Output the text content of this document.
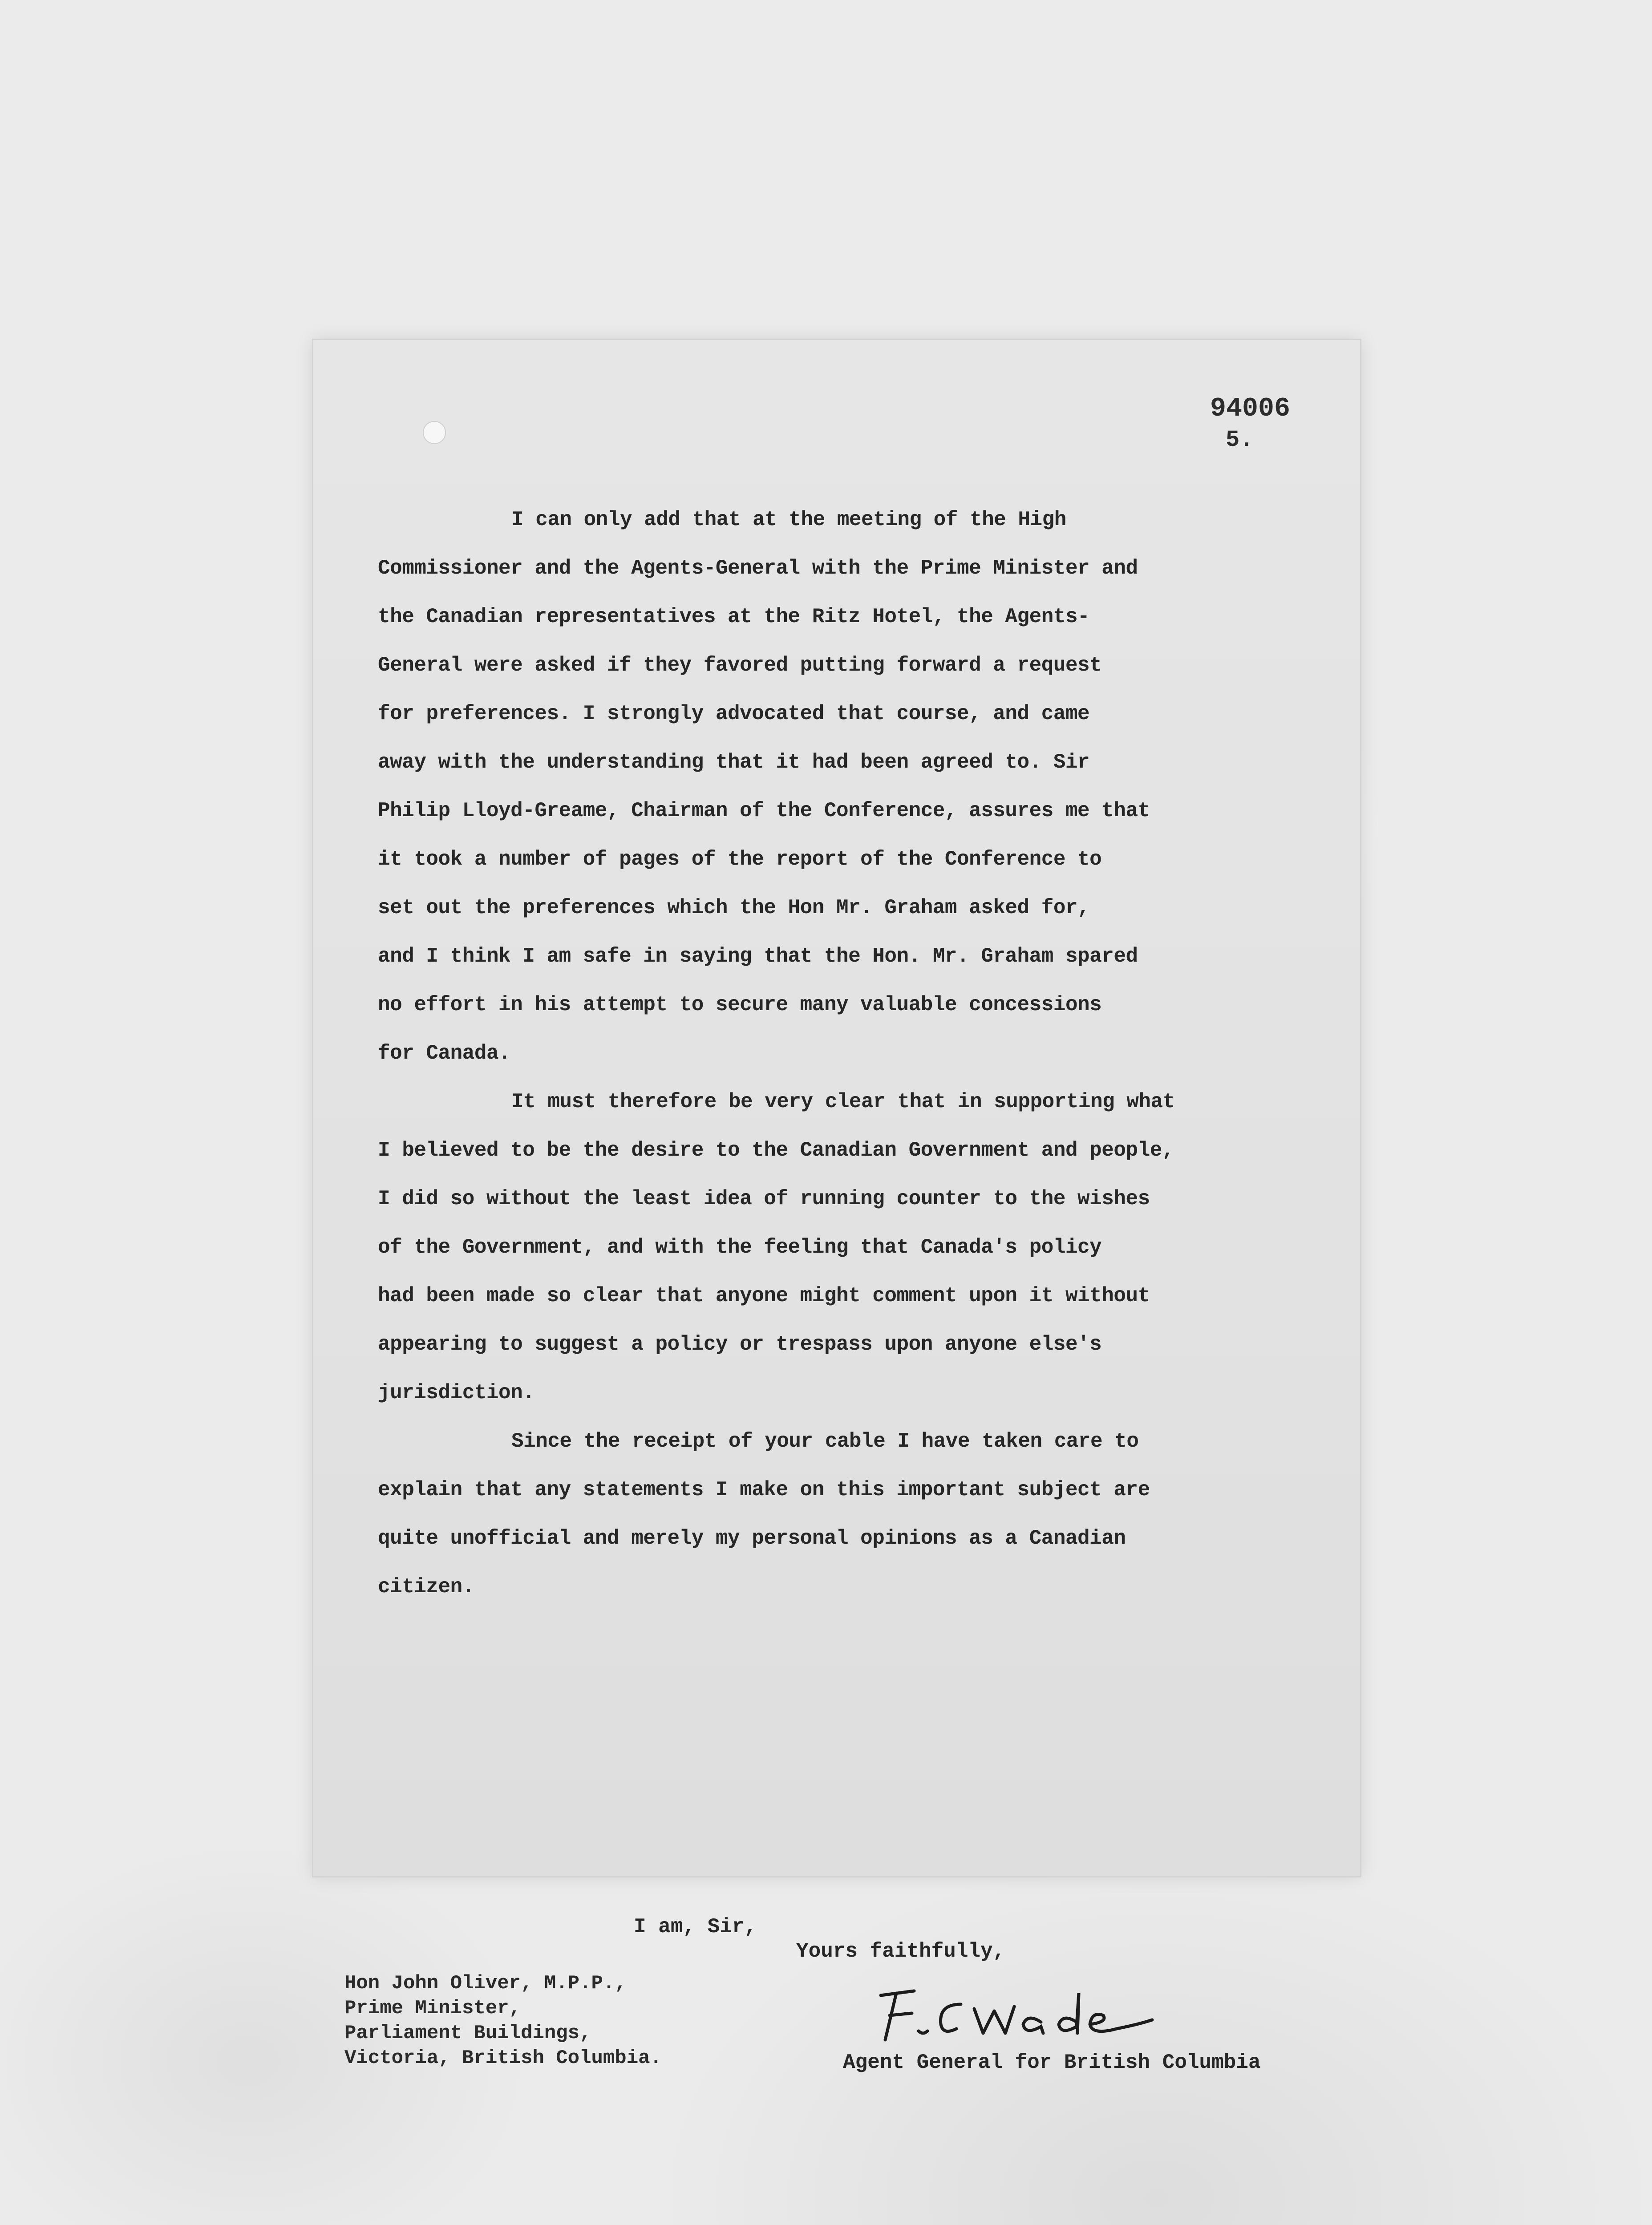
94006
5.

I can only add that at the meeting of the High
Commissioner and the Agents-General with the Prime Minister and
the Canadian representatives at the Ritz Hotel, the Agents-
General were asked if they favored putting forward a request
for preferences. I strongly advocated that course, and came
away with the understanding that it had been agreed to. Sir
Philip Lloyd-Greame, Chairman of the Conference, assures me that
it took a number of pages of the report of the Conference to
set out the preferences which the Hon Mr. Graham asked for,
and I think I am safe in saying that the Hon. Mr. Graham spared
no effort in his attempt to secure many valuable concessions
for Canada.

It must therefore be very clear that in supporting what
I believed to be the desire to the Canadian Government and people,
I did so without the least idea of running counter to the wishes
of the Government, and with the feeling that Canada's policy
had been made so clear that anyone might comment upon it without
appearing to suggest a policy or trespass upon anyone else's
jurisdiction.

Since the receipt of your cable I have taken care to
explain that any statements I make on this important subject are
quite unofficial and merely my personal opinions as a Canadian
citizen.

I am, Sir,
Yours faithfully,
Hon John Oliver, M.P.P.,
Prime Minister,
Parliament Buildings,
Victoria, British Columbia.	Agent General for British Columbia
